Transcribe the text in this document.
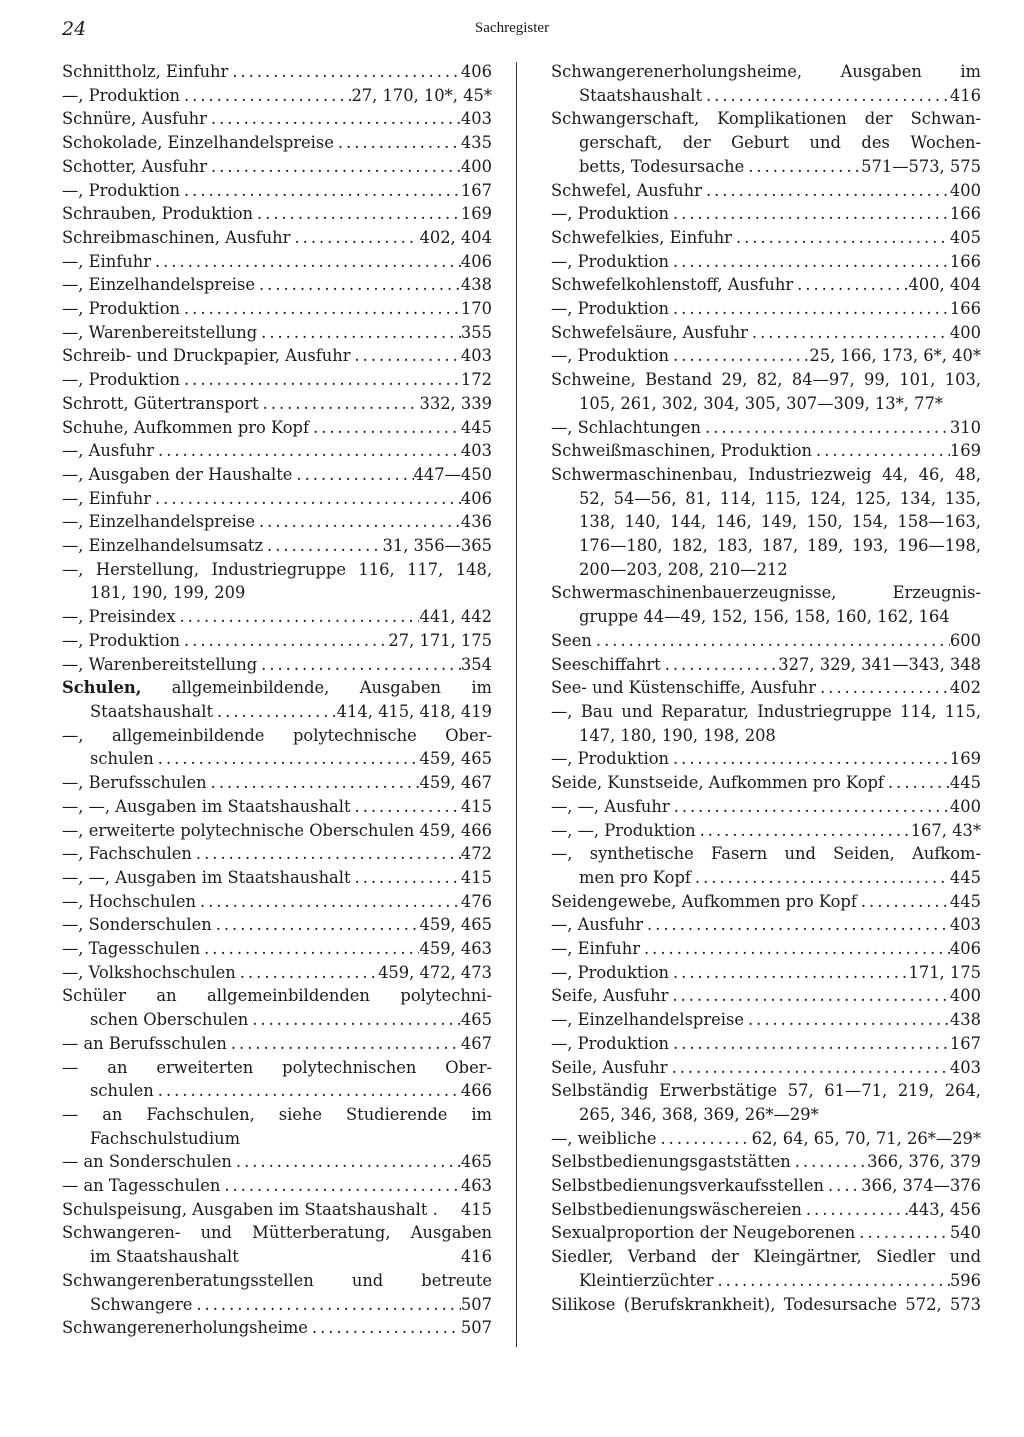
24	Sachregister
Schnittholz, Einfuhr .....	406
—, Produktion .....	27, 170, 10*, 45*
Schnüre, Ausfuhr .....	403
Schokolade, Einzelhandelspreise .....	435
Schotter, Ausfuhr .....	400
—, Produktion .....	167
Schrauben, Produktion .....	169
Schreibmaschinen, Ausfuhr .....	402, 404
—, Einfuhr .....	406
—, Einzelhandelspreise .....	438
—, Produktion .....	170
—, Warenbereitstellung .....	355
Schreib- und Druckpapier, Ausfuhr .....	403
—, Produktion .....	172
Schrott, Gütertransport .....	332, 339
Schuhe, Aufkommen pro Kopf .....	445
—, Ausfuhr .....	403
—, Ausgaben der Haushalte .....	447—450
—, Einfuhr .....	406
—, Einzelhandelspreise .....	436
—, Einzelhandelsumsatz .....	31, 356—365
—, Herstellung, Industriegruppe 116, 117, 148,
181, 190, 199, 209
—, Preisindex .....	441, 442
—, Produktion .....	27, 171, 175
—, Warenbereitstellung .....	354
Schulen, allgemeinbildende, Ausgaben im
Staatshaushalt .....	414, 415, 418, 419
—, allgemeinbildende polytechnische Ober-
schulen .....	459, 465
—, Berufsschulen .....	459, 467
—, —, Ausgaben im Staatshaushalt .....	415
—, erweiterte polytechnische Oberschulen 459, 466
—, Fachschulen .....	472
—, —, Ausgaben im Staatshaushalt .....	415
—, Hochschulen .....	476
—, Sonderschulen .....	459, 465
—, Tagesschulen .....	459, 463
—, Volkshochschulen .....	459, 472, 473
Schüler an allgemeinbildenden polytechni-
schen Oberschulen .....	465
— an Berufsschulen .....	467
— an erweiterten polytechnischen Ober-
schulen .....	466
— an Fachschulen, siehe Studierende im
Fachschulstudium
— an Sonderschulen .....	465
— an Tagesschulen .....	463
Schulspeisung, Ausgaben im Staatshaushalt . 415
Schwangeren- und Mütterberatung, Ausgaben
im Staatshaushalt	416
Schwangerenberatungsstellen und betreute
Schwangere .....	507
Schwangerenerholungsheime .....	507
Schwangerenerholungsheime, Ausgaben im
Staatshaushalt .....	416
Schwangerschaft, Komplikationen der Schwan-
gerschaft, der Geburt und des Wochen-
betts, Todesursache .....	571—573, 575
Schwefel, Ausfuhr .....	400
—, Produktion .....	166
Schwefelkies, Einfuhr .....	405
—, Produktion .....	166
Schwefelkohlenstoff, Ausfuhr .....	400, 404
—, Produktion .....	166
Schwefelsäure, Ausfuhr .....	400
—, Produktion .....	25, 166, 173, 6*, 40*
Schweine, Bestand 29, 82, 84—97, 99, 101, 103,
105, 261, 302, 304, 305, 307—309, 13*, 77*
—, Schlachtungen .....	310
Schweißmaschinen, Produktion .....	169
Schwermaschinenbau, Industriezweig 44, 46, 48,
52, 54—56, 81, 114, 115, 124, 125, 134, 135,
138, 140, 144, 146, 149, 150, 154, 158—163,
176—180, 182, 183, 187, 189, 193, 196—198,
200—203, 208, 210—212
Schwermaschinenbauerzeugnisse, Erzeugnis-
gruppe 44—49, 152, 156, 158, 160, 162, 164
Seen .....	600
Seeschiffahrt .....	327, 329, 341—343, 348
See- und Küstenschiffe, Ausfuhr .....	402
—, Bau und Reparatur, Industriegruppe 114, 115,
147, 180, 190, 198, 208
—, Produktion .....	169
Seide, Kunstseide, Aufkommen pro Kopf .....	445
—, —, Ausfuhr .....	400
—, —, Produktion .....	167, 43*
—, synthetische Fasern und Seiden, Aufkom-
men pro Kopf .....	445
Seidengewebe, Aufkommen pro Kopf .....	445
—, Ausfuhr .....	403
—, Einfuhr .....	406
—, Produktion .....	171, 175
Seife, Ausfuhr .....	400
—, Einzelhandelspreise .....	438
—, Produktion .....	167
Seile, Ausfuhr .....	403
Selbständig Erwerbstätige 57, 61—71, 219, 264,
265, 346, 368, 369, 26*—29*
—, weibliche .....	62, 64, 65, 70, 71, 26*—29*
Selbstbedienungsgaststätten .....	366, 376, 379
Selbstbedienungsverkaufsstellen ..... 366, 374—376
Selbstbedienungswäschereien .....	443, 456
Sexualproportion der Neugeborenen .....	540
Siedler, Verband der Kleingärtner, Siedler und
Kleintierzüchter .....	596
Silikose (Berufskrankheit), Todesursache 572, 573
